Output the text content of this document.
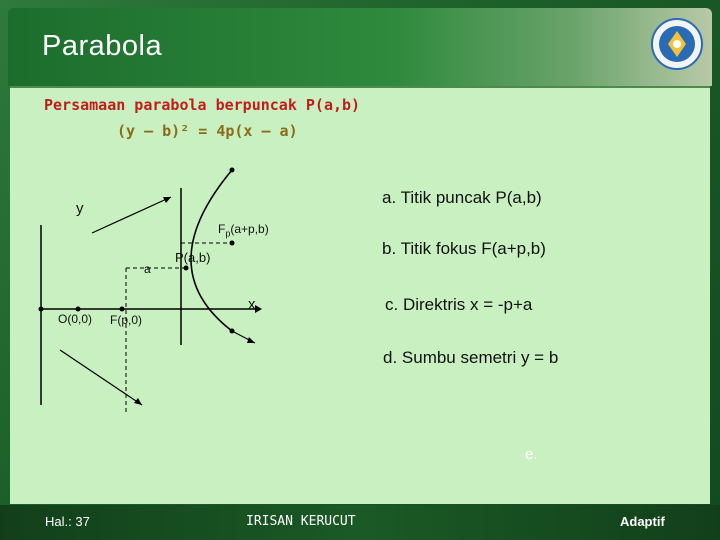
Parabola
Persamaan parabola berpuncak P(a,b)
(y – b)² = 4p(x – a)
y
x
O(0,0) F(p,0)
a
P(a,b)
$F_p(a+p,b)$
a. Titik puncak P(a,b)
b. Titik fokus F(a+p,b)
c. Direktris x = -p+a
d. Sumbu semetri y = b
e.
Hal.: 37	IRISAN KERUCUT	Adaptif
